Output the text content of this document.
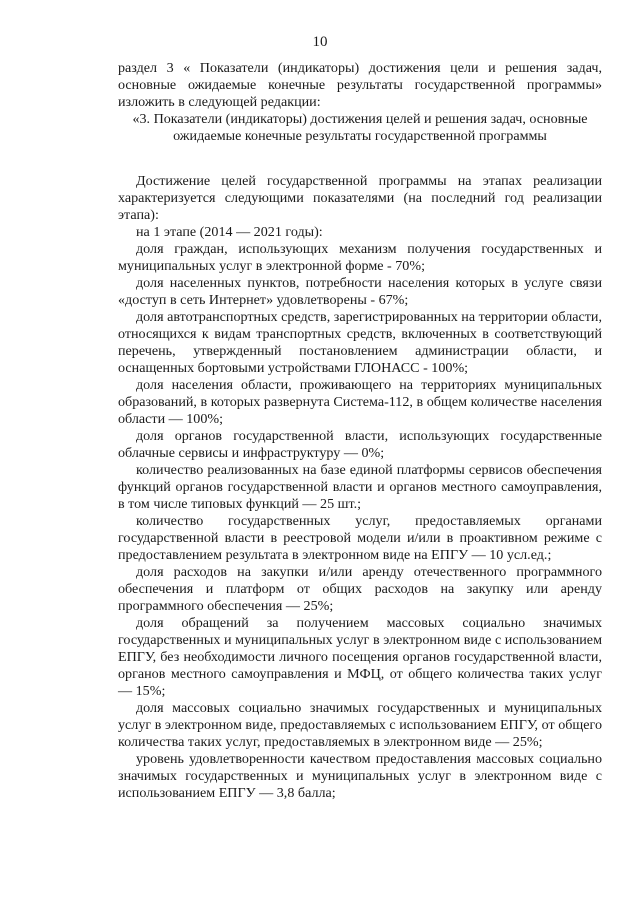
10

раздел 3 « Показатели (индикаторы) достижения цели и решения задач, основные ожидаемые конечные результаты государственной программы» изложить в следующей редакции:

«3. Показатели (индикаторы) достижения целей и решения задач, основные ожидаемые конечные результаты государственной программы

Достижение целей государственной программы на этапах реализации характеризуется следующими показателями (на последний год реализации этапа):

на 1 этапе (2014 — 2021 годы):

доля граждан, использующих механизм получения государственных и муниципальных услуг в электронной форме - 70%;

доля населенных пунктов, потребности населения которых в услуге связи «доступ в сеть Интернет» удовлетворены - 67%;

доля автотранспортных средств, зарегистрированных на территории области, относящихся к видам транспортных средств, включенных в соответствующий перечень, утвержденный постановлением администрации области, и оснащенных бортовыми устройствами ГЛОНАСС - 100%;

доля населения области, проживающего на территориях муниципальных образований, в которых развернута Система-112, в общем количестве населения области — 100%;

доля органов государственной власти, использующих государственные облачные сервисы и инфраструктуру — 0%;

количество реализованных на базе единой платформы сервисов обеспечения функций органов государственной власти и органов местного самоуправления, в том числе типовых функций — 25 шт.;

количество государственных услуг, предоставляемых органами государственной власти в реестровой модели и/или в проактивном режиме с предоставлением результата в электронном виде на ЕПГУ — 10 усл.ед.;

доля расходов на закупки и/или аренду отечественного программного обеспечения и платформ от общих расходов на закупку или аренду программного обеспечения — 25%;

доля обращений за получением массовых социально значимых государственных и муниципальных услуг в электронном виде с использованием ЕПГУ, без необходимости личного посещения органов государственной власти, органов местного самоуправления и МФЦ, от общего количества таких услуг — 15%;

доля массовых социально значимых государственных и муниципальных услуг в электронном виде, предоставляемых с использованием ЕПГУ, от общего количества таких услуг, предоставляемых в электронном виде — 25%;

уровень удовлетворенности качеством предоставления массовых социально значимых государственных и муниципальных услуг в электронном виде с использованием ЕПГУ — 3,8 балла;
